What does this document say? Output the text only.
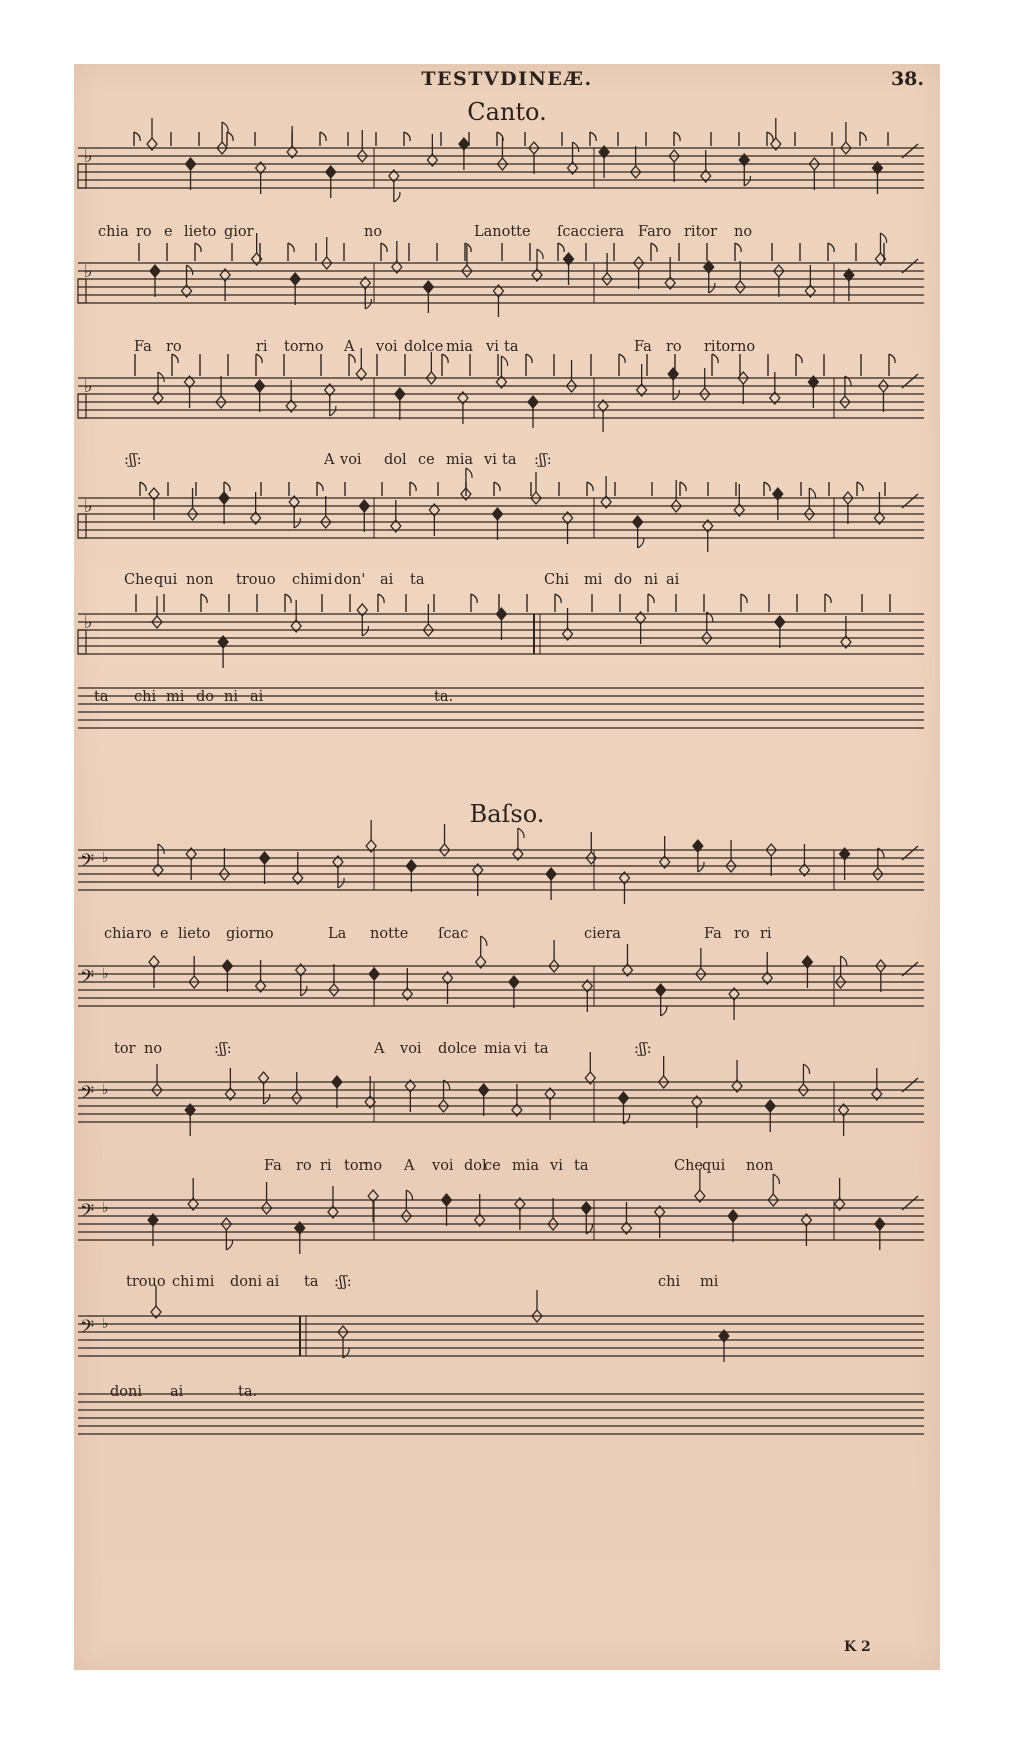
TESTVDINEÆ.	38.
Canto.
Baſso.
♭
♭
♭
♭
♭
𝄢 ♭
𝄢 ♭
𝄢 ♭
𝄢 ♭
𝄢 ♭
chia ro e lieto gior	no	Lanotte ſcacciera Faro ritor no
Fa ro	ri torno A voi dolce mia vi ta	Fa ro ritorno
:ʃʃ:	A voi dol ce mia vi ta :ʃʃ:
Che qui non trouo chi mi don' ai ta	Chi mi do ni ai
ta chi mi do ni ai	ta.
chia ro e lieto giorno	La notte ſcac	ciera	Fa ro ri
tor no	:ʃʃ:	A voi dol ce mia vi ta	:ʃʃ:
Fa ro ri tor
no A voi dol
ce mia vi ta	Che
qui non
trouo chi mi doni ai ta :ʃʃ:	chi mi
doni ai	ta.
K 2
